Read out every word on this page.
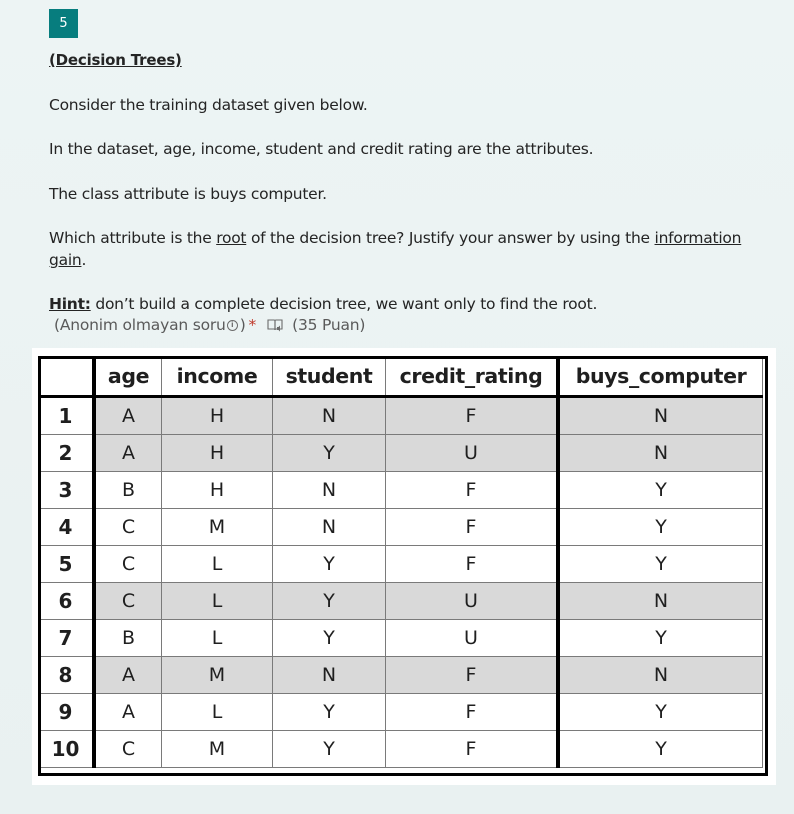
5
(Decision Trees)
Consider the training dataset given below.
In the dataset, age, income, student and credit rating are the attributes.
The class attribute is buys computer.
Which attribute is the root of the decision tree? Justify your answer by using the information
gain.
Hint: don’t build a complete decision tree, we want only to find the root.
(Anonim olmayan soru i ) * (35 Puan)
	age	income	student	credit_rating	buys_computer
1	A	H	N	F	N
2	A	H	Y	U	N
3	B	H	N	F	Y
4	C	M	N	F	Y
5	C	L	Y	F	Y
6	C	L	Y	U	N
7	B	L	Y	U	Y
8	A	M	N	F	N
9	A	L	Y	F	Y
10	C	M	Y	F	Y
